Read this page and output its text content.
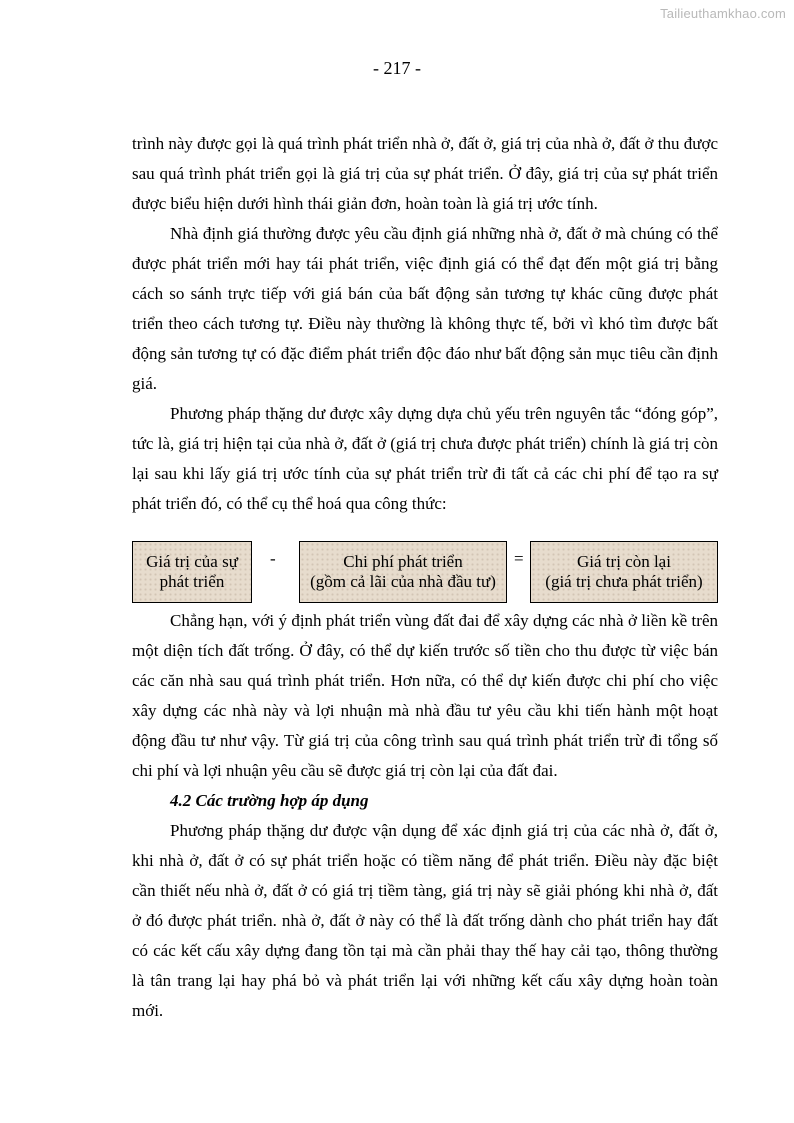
Tailieuthamkhao.com
- 217 -

trình này được gọi là quá trình phát triển nhà ở, đất ở, giá trị của nhà ở, đất ở thu được sau quá trình phát triển gọi là giá trị của sự phát triển. Ở đây, giá trị của sự phát triển được biểu hiện dưới hình thái giản đơn, hoàn toàn là giá trị ước tính.

Nhà định giá thường được yêu cầu định giá những nhà ở, đất ở mà chúng có thể được phát triển mới hay tái phát triển, việc định giá có thể đạt đến một giá trị bằng cách so sánh trực tiếp với giá bán của bất động sản tương tự khác cũng được phát triển theo cách tương tự. Điều này thường là không thực tế, bởi vì khó tìm được bất động sản tương tự có đặc điểm phát triển độc đáo như bất động sản mục tiêu cần định giá.

Phương pháp thặng dư được xây dựng dựa chủ yếu trên nguyên tắc “đóng góp”, tức là, giá trị hiện tại của nhà ở, đất ở (giá trị chưa được phát triển) chính là giá trị còn lại sau khi lấy giá trị ước tính của sự phát triển trừ đi tất cả các chi phí để tạo ra sự phát triển đó, có thể cụ thể hoá qua công thức:

Giá trị của sự
phát triển
-	Chi phí phát triển
(gồm cả lãi của nhà đầu tư)
=	Giá trị còn lại
(giá trị chưa phát triển)

Chẳng hạn, với ý định phát triển vùng đất đai để xây dựng các nhà ở liền kề trên một diện tích đất trống. Ở đây, có thể dự kiến trước số tiền cho thu được từ việc bán các căn nhà sau quá trình phát triển. Hơn nữa, có thể dự kiến được chi phí cho việc xây dựng các nhà này và lợi nhuận mà nhà đầu tư yêu cầu khi tiến hành một hoạt động đầu tư như vậy. Từ giá trị của công trình sau quá trình phát triển trừ đi tổng số chi phí và lợi nhuận yêu cầu sẽ được giá trị còn lại của đất đai.

4.2 Các trường hợp áp dụng

Phương pháp thặng dư được vận dụng để xác định giá trị của các nhà ở, đất ở, khi nhà ở, đất ở có sự phát triển hoặc có tiềm năng để phát triển. Điều này đặc biệt cần thiết nếu nhà ở, đất ở có giá trị tiềm tàng, giá trị này sẽ giải phóng khi nhà ở, đất ở đó được phát triển. nhà ở, đất ở này có thể là đất trống dành cho phát triển hay đất có các kết cấu xây dựng đang tồn tại mà cần phải thay thế hay cải tạo, thông thường là tân trang lại hay phá bỏ và phát triển lại với những kết cấu xây dựng hoàn toàn mới.
